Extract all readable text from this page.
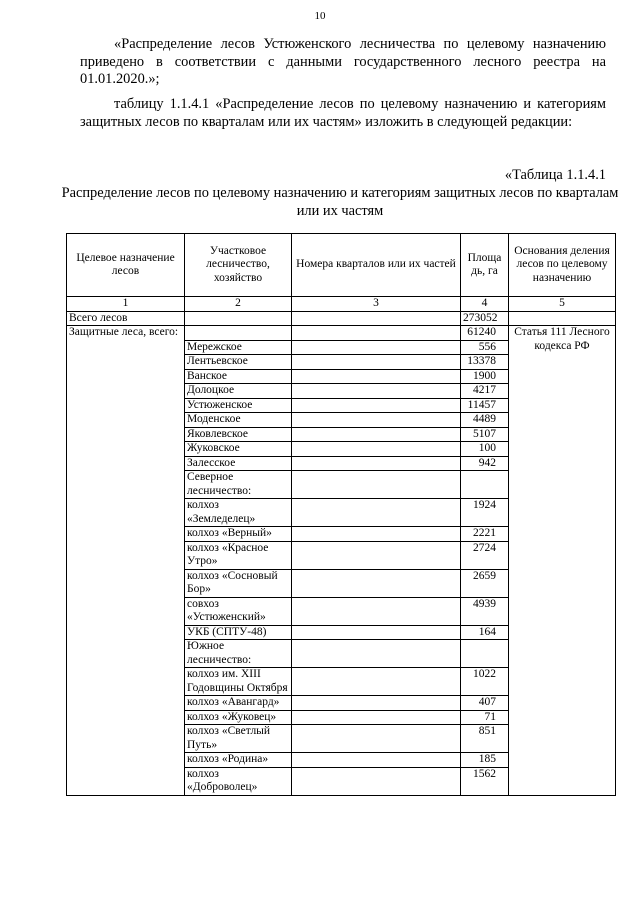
10
«Распределение лесов Устюженского лесничества по целевому назначению приведено в соответствии с данными государственного лесного реестра на 01.01.2020.»;
таблицу 1.1.4.1 «Распределение лесов по целевому назначению и категориям защитных лесов по кварталам или их частям» изложить в следующей редакции:
«Таблица 1.1.4.1
Распределение лесов по целевому назначению и категориям защитных лесов по кварталам или их частям
Целевое назначение лесов	Участковое лесничество, хозяйство	Номера кварталов или их частей	Площа дь, га	Основания деления лесов по целевому назначению
1	2	3	4	5
Всего лесов			273052	
Защитные леса, всего:			61240	Статья 111 Лесного кодекса РФ
	Мережское		556	
	Лентьевское		13378	
	Ванское		1900	
	Долоцкое		4217	
	Устюженское		11457	
	Моденское		4489	
	Яковлевское		5107	
	Жуковское		100	
	Залесское		942	
	Северное лесничество:			
	колхоз «Земледелец»		1924	
	колхоз «Верный»		2221	
	колхоз «Красное Утро»		2724	
	колхоз «Сосновый Бор»		2659	
	совхоз «Устюженский»		4939	
	УКБ (СПТУ-48)		164	
	Южное лесничество:			
	колхоз им. XIII Годовщины Октября		1022	
	колхоз «Авангард»		407	
	колхоз «Жуковец»		71	
	колхоз «Светлый Путь»		851	
	колхоз «Родина»		185	
	колхоз «Доброволец»		1562	
